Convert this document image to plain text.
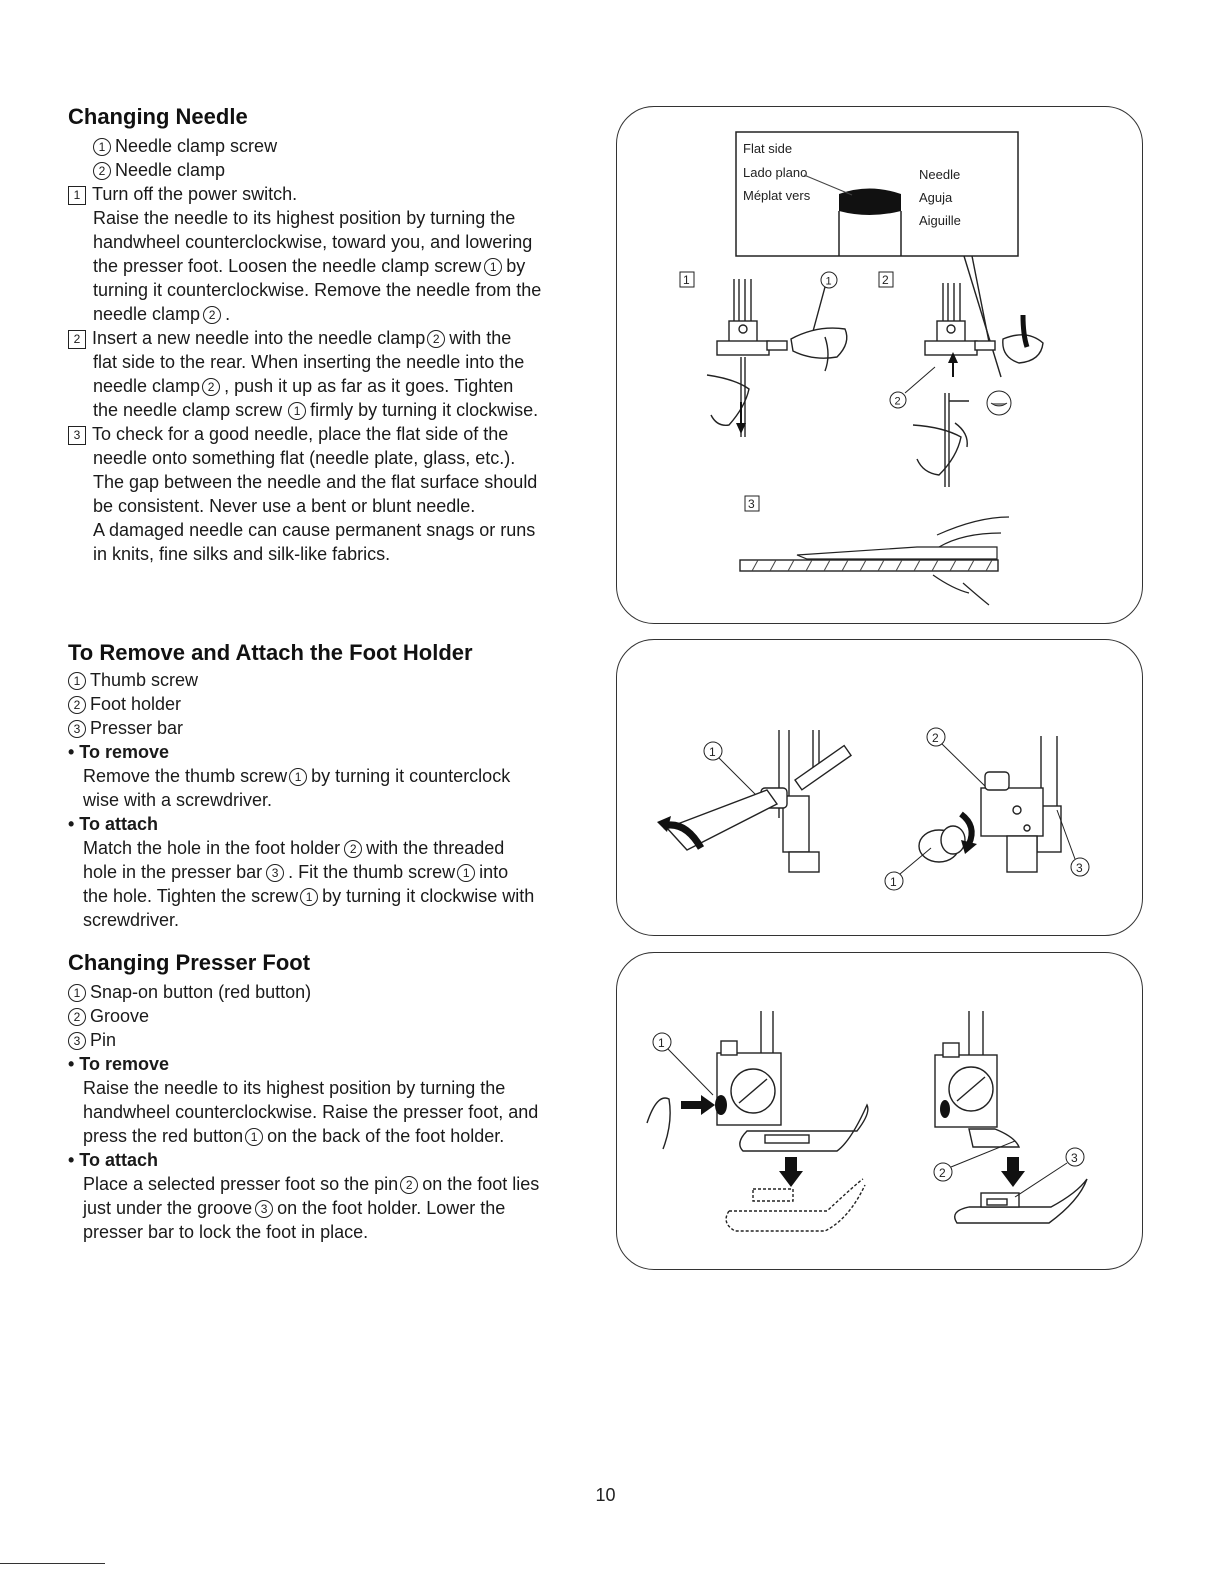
Changing Needle
1 Needle clamp screw
2 Needle clamp
1 Turn off the power switch.
Raise the needle to its highest position by turning the
handwheel counterclockwise, toward you, and lowering
the presser foot. Loosen the needle clamp screw 1 by
turning it counterclockwise. Remove the needle from the
needle clamp 2 .
2 Insert a new needle into the needle clamp 2 with the
flat side to the rear. When inserting the needle into the
needle clamp 2 , push it up as far as it goes. Tighten
the needle clamp screw 1 firmly by turning it clockwise.
3 To check for a good needle, place the flat side of the
needle onto something flat (needle plate, glass, etc.).
The gap between the needle and the flat surface should
be consistent. Never use a bent or blunt needle.
A damaged needle can cause permanent snags or runs
in knits, fine silks and silk-like fabrics.
To Remove and Attach the Foot Holder
1 Thumb screw
2 Foot holder
3 Presser bar
• To remove
Remove the thumb screw 1 by turning it counterclock
wise with a screwdriver.
• To attach
Match the hole in the foot holder 2 with the threaded
hole in the presser bar 3 . Fit the thumb screw 1 into
the hole. Tighten the screw 1 by turning it clockwise with
screwdriver.
Changing Presser Foot
1 Snap-on button (red button)
2 Groove
3 Pin
• To remove
Raise the needle to its highest position by turning the
handwheel counterclockwise. Raise the presser foot, and
press the red button 1 on the back of the foot holder.
• To attach
Place a selected presser foot so the pin 2 on the foot lies
just under the groove 3 on the foot holder. Lower the
presser bar to lock the foot in place.
Flat side
Lado plano
Méplat vers
Needle
Aguja
Aiguille
1	1	2
2
3
1
2
1
3
1
2
3
10
